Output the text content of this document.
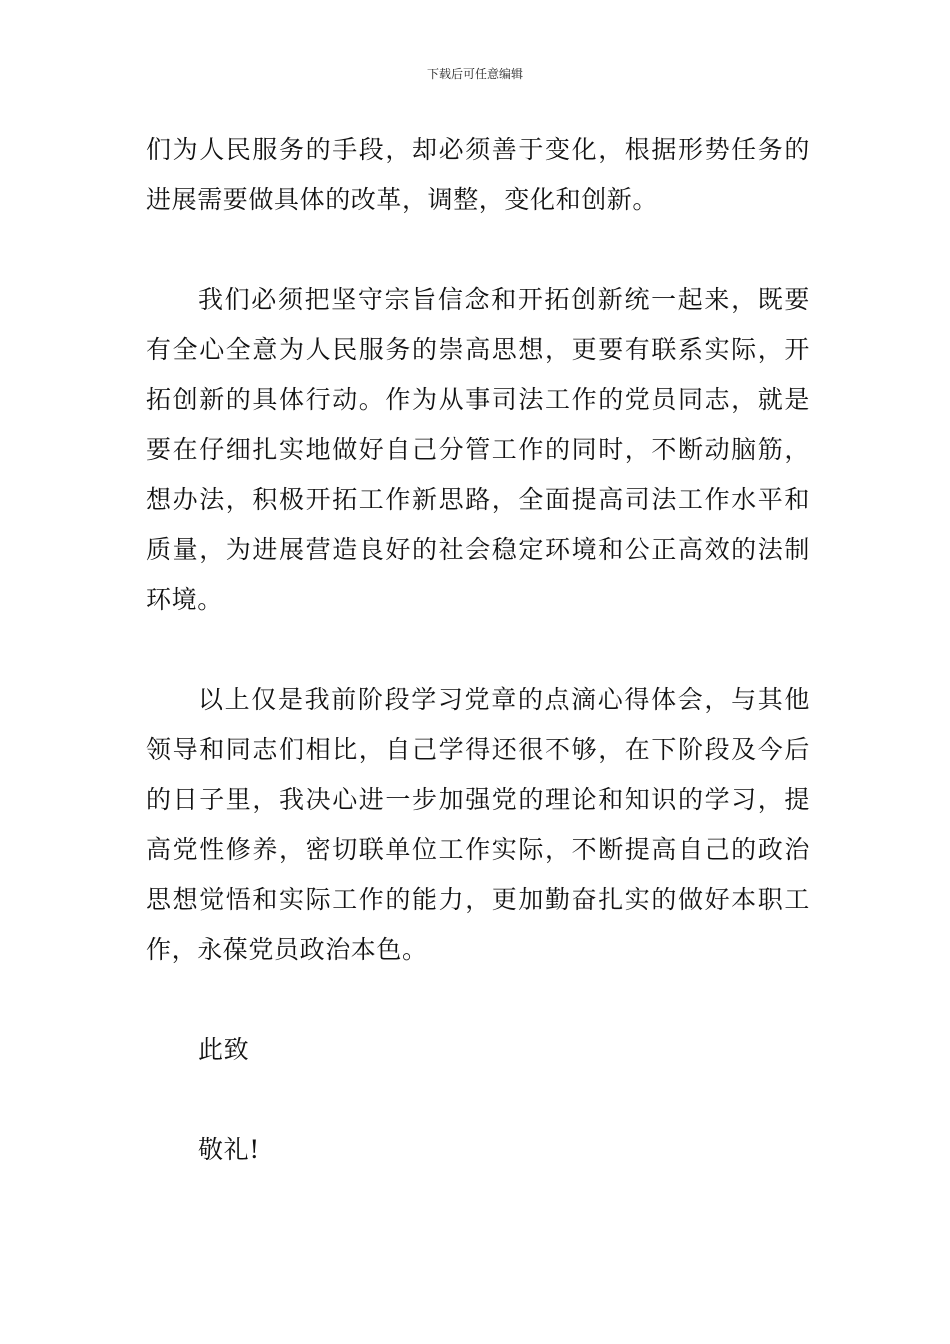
下载后可任意编辑

们为人民服务的手段，却必须善于变化，根据形势任务的进展需要做具体的改革，调整，变化和创新。

我们必须把坚守宗旨信念和开拓创新统一起来，既要有全心全意为人民服务的崇高思想，更要有联系实际，开拓创新的具体行动。作为从事司法工作的党员同志，就是要在仔细扎实地做好自己分管工作的同时，不断动脑筋，想办法，积极开拓工作新思路，全面提高司法工作水平和质量，为进展营造良好的社会稳定环境和公正高效的法制环境。

以上仅是我前阶段学习党章的点滴心得体会，与其他领导和同志们相比，自己学得还很不够，在下阶段及今后的日子里，我决心进一步加强党的理论和知识的学习，提高党性修养，密切联单位工作实际，不断提高自己的政治思想觉悟和实际工作的能力，更加勤奋扎实的做好本职工作，永葆党员政治本色。

此致

敬礼!
